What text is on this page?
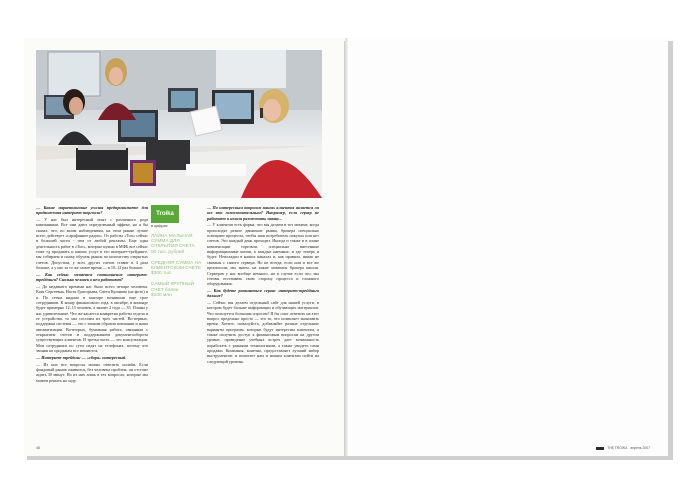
— Какие маркетинговые усилия предпринимаете для продвижения интернет-торговли?

— У нас был интересный опыт с различного рода кампаниями. Все они дают определенный эффект, но я бы сказал, что, по моим наблюдениям, на этом рынке лучше всего действует «сарафанное радио». От работы «Топ» сейчас в большей части - чем от любой рекламы. Еще одна деятельность работ в «Топ», которые нужно в МФБ все сейчас тоже тд продавать и наших услуг в его интернет-трейдинге, мы собираем и скажу обучать рынок по количеству открытых счетов. Допустим, у всех других счетов ставит в 4 раза больше, а у нас за то же самое время — в 10–12 раз больше.

— Как сейчас меняется соотношение интернет-трейдинга? Сколько человек в нем работают?

— До недавнего времени нас было всего четыре человека. Катя Сергеевна, Настя Григорьева, Света Кушнова (на фото) и я. По сетям видимо в конторе возникали еще трое сотрудников. К концу финансового года, в октябре, в команде будет примерно 12–15 человек, а значит 2 года — 35. Планы у нас удивительные. Что же касается конкретно работы отдела и ее устройства, то мы состоим из трех частей. Во-первых, поддержка системы — это с тонким образом компании и наша автоматизация. Во-вторых, бумажная работа, связанная с открытием счетов и поддержанием документооборота существующих клиентов. И третья часть — это консультации. Мои сотрудники по сути сидят на телефонах, потому что звонки ко продажам все меняются.

— Интернет-трейдинг — «сбора» интересный.

— Из них все вопросы можно ответить онлайн. Если фондовый рынок оживится, без человека проблем, он отстоит ждать 30 минут. Но из них лишь в тех вопросах, которые мы можем решать на ходу.

Troika
в цифрах
ЛАЙНА МАЛЬНАЯ СУММА ДЛЯ ОТКРЫТИЯ СЧЕТА
50 тыс. рублей
СРЕДНЯЯ СУММА НА КЛИЕНТСКОМ СЧЕТЕ
$300 тыс.
САМЫЙ КРУПНЫЙ СЧЕТ более
$100 млн

— По интересным вопросам наших клиентов является ли все это самостоятельным? Например, если сервер не работает и нельзя разместить заявку...

— У клиентов есть форма, что мы делаем в тот момент, когда происходят резкое движение рынка, брокера специально освещают процессы, чтобы наш потребитель покупал или нет счетов. Это каждый день проходит. Иногда и также и в плане компенсации торговли, специально внесенные информационные копии, к каждые наемные, и где теперь и будет. Неполадки в наших каналах и, как правило, никак не связаны с самого сервера. Но не всегда, если они и все же произошли, мы знаем, на какие моменты брокера нашли. Серверов у нас вообще немного, но в случае если что, мы готовы отстаивать свою сторону процесса и сложного оборудования.

— Как будете развиваться сервис интернет-трейдинга дальше?

— Сейчас мы делаем отдельный сайт для нашей услуги, в котором будет больше информации и обучающих материалов. Что пользуется большим спросом? Я бы смог ответить на этот вопрос предельно просто — это то, что позволяет экономить время. Хотите, пожалуйста, добавляйте разные отдельные варианты программ, которые будут интересны клиентам, а также получить доступ к финансовым вопросам на другом уровне; проведение учебных встреч дает возможность поработать с разными технологиями, а также увидеть сами продажи. Компания, конечно, предоставляет лучший набор инструментов: и помогает нам и нашим клиентам пойти на следующий уровень.

48	THE TROIKA апрель 2007
